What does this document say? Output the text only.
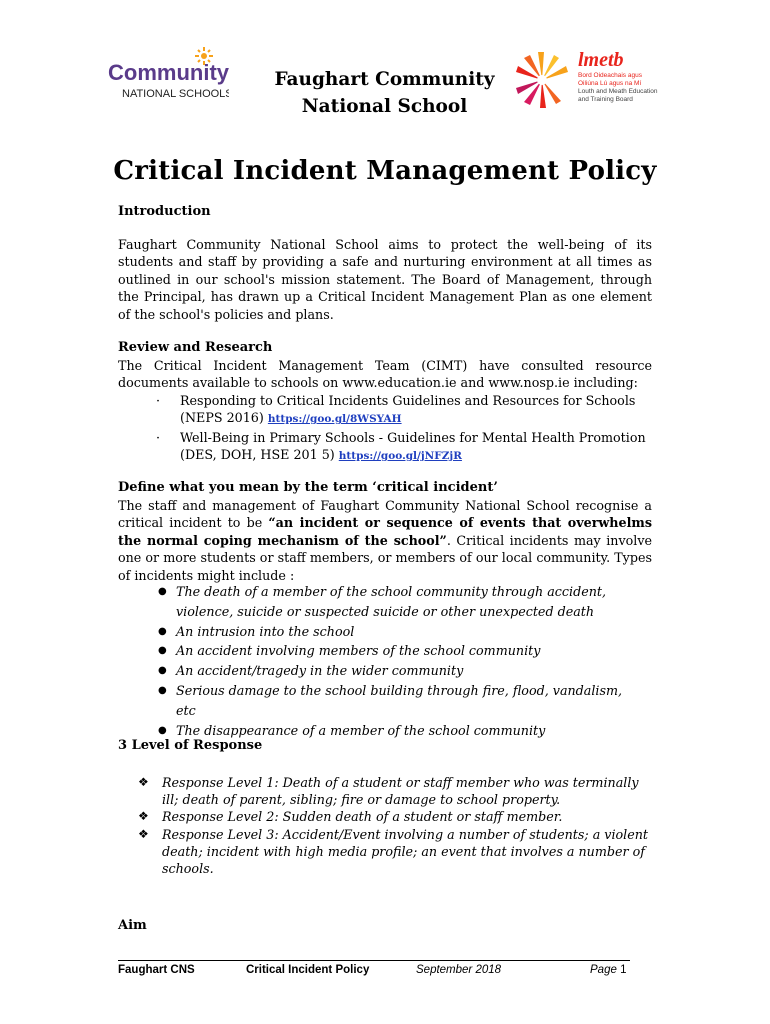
Community
NATIONAL SCHOOLS
Faughart Community
National School
lmetb
Bord Oideachais agus
Oiliúna Lú agus na Mí
Louth and Meath Education
and Training Board
Critical Incident Management Policy
Introduction

Faughart Community National School aims to protect the well-being of its students and staff by providing a safe and nurturing environment at all times as outlined in our school's mission statement. The Board of Management, through the Principal, has drawn up a Critical Incident Management Plan as one element of the school's policies and plans.

Review and Research

The Critical Incident Management Team (CIMT) have consulted resource documents available to schools on www.education.ie and www.nosp.ie including:

· Responding to Critical Incidents Guidelines and Resources for Schools (NEPS 2016) https://goo.gl/8WSYAH
· Well-Being in Primary Schools - Guidelines for Mental Health Promotion (DES, DOH, HSE 201 5) https://goo.gl/jNFZjR
Define what you mean by the term ‘critical incident’

The staff and management of Faughart Community National School recognise a critical incident to be “an incident or sequence of events that overwhelms the normal coping mechanism of the school”. Critical incidents may involve one or more students or staff members, or members of our local community. Types of incidents might include :

● The death of a member of the school community through accident, violence, suicide or suspected suicide or other unexpected death
● An intrusion into the school
● An accident involving members of the school community
● An accident/tragedy in the wider community
● Serious damage to the school building through fire, flood, vandalism, etc
● The disappearance of a member of the school community
3 Level of Response
❖ Response Level 1: Death of a student or staff member who was terminally ill; death of parent, sibling; fire or damage to school property.
❖ Response Level 2: Sudden death of a student or staff member.
❖ Response Level 3: Accident/Event involving a number of students; a violent death; incident with high media profile; an event that involves a number of schools.
Aim
Faughart CNS	Critical Incident Policy	September 2018	Page 1
